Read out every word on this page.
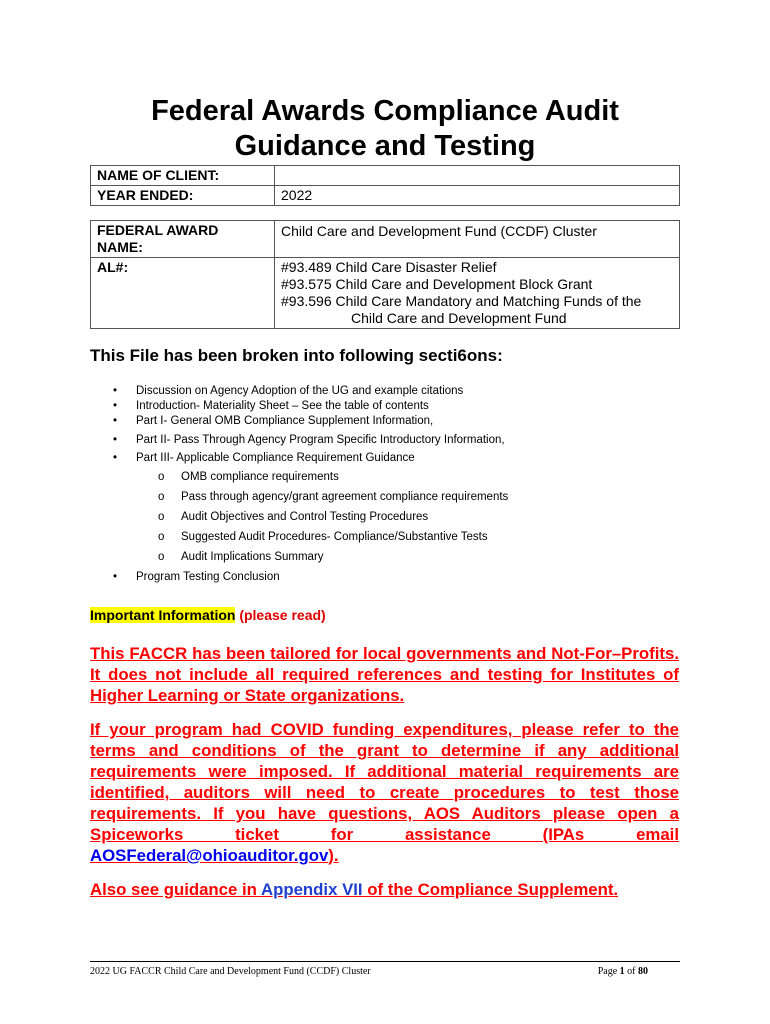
Federal Awards Compliance Audit
Guidance and Testing
NAME OF CLIENT:	
YEAR ENDED:	2022
FEDERAL AWARD
NAME:	Child Care and Development Fund (CCDF) Cluster
AL#:	#93.489 Child Care Disaster Relief
#93.575 Child Care and Development Block Grant
#93.596 Child Care Mandatory and Matching Funds of the
Child Care and Development Fund
This File has been broken into following secti6ons:
• Discussion on Agency Adoption of the UG and example citations
• Introduction- Materiality Sheet – See the table of contents
• Part I- General OMB Compliance Supplement Information,
• Part II- Pass Through Agency Program Specific Introductory Information,
• Part III- Applicable Compliance Requirement Guidance
o OMB compliance requirements
o Pass through agency/grant agreement compliance requirements
o Audit Objectives and Control Testing Procedures
o Suggested Audit Procedures- Compliance/Substantive Tests
o Audit Implications Summary
• Program Testing Conclusion
Important Information (please read)
This FACCR has been tailored for local governments and Not-For–Profits. It does not include all required references and testing for Institutes of Higher Learning or State organizations.
If your program had COVID funding expenditures, please refer to the terms and conditions of the grant to determine if any additional requirements were imposed. If additional material requirements are identified, auditors will need to create procedures to test those requirements. If you have questions, AOS Auditors please open a Spiceworks ticket for assistance (IPAs email AOSFederal@ohioauditor.gov).
Also see guidance in Appendix VII of the Compliance Supplement.
2022 UG FACCR Child Care and Development Fund (CCDF) Cluster	Page 1 of 80
